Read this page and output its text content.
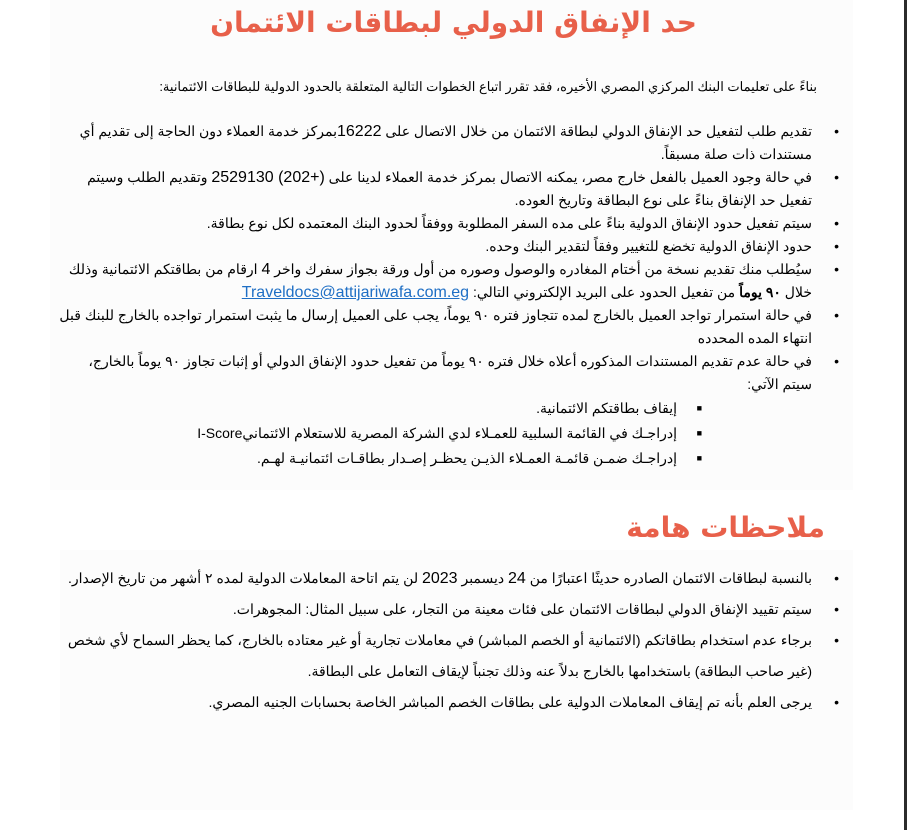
حد الإنفاق الدولي لبطاقات الائتمان

بناءً على تعليمات البنك المركزي المصري الأخيره، فقد تقرر اتباع الخطوات التالية المتعلقة بالحدود الدولية للبطاقات الائتمانية:

•
تقديم طلب لتفعيل حد الإنفاق الدولي لبطاقة الائتمان من خلال الاتصال على 16222بمركز خدمة العملاء دون الحاجة إلى تقديم أي مستندات ذات صلة مسبقاً.
•
في حالة وجود العميل بالفعل خارج مصر، يمكنه الاتصال بمركز خدمة العملاء لدينا على 2529130 (202+) وتقديم الطلب وسيتم تفعيل حد الإنفاق بناءً على نوع البطاقة وتاريخ العوده.
•
سيتم تفعيل حدود الإنفاق الدولية بناءً على مده السفر المطلوبة ووفقاً لحدود البنك المعتمده لكل نوع بطاقة.
•
حدود الإنفاق الدولية تخضع للتغيير وفقاً لتقدير البنك وحده.
•
سيُطلب منك تقديم نسخة من أختام المغادره والوصول وصوره من أول ورقة بجواز سفرك واخر 4 ارقام من بطاقتكم الائتمانية وذلك خلال ٩٠ يوماً من تفعيل الحدود على البريد الإلكتروني التالي: Traveldocs@attijariwafa.com.eg
•
في حالة استمرار تواجد العميل بالخارج لمده تتجاوز فتره ٩٠ يوماً، يجب على العميل إرسال ما يثبت استمرار تواجده بالخارج للبنك قبل انتهاء المده المحدده
•
في حالة عدم تقديم المستندات المذكوره أعلاه خلال فتره ٩٠ يوماً من تفعيل حدود الإنفاق الدولي أو إثبات تجاوز ٩٠ يوماً بالخارج، سيتم الآتي:
■
إيقاف بطاقتكم الائتمانية.
■
إدراجـك في القائمة السلبية للعمـلاء لدي الشركة المصرية للاستعلام الائتمانيI-Score
■
إدراجـك ضمـن قائمـة العمـلاء الذيـن يحظـر إصـدار بطاقـات ائتمانيـة لهـم.
ملاحظات هامة
•
بالنسبة لبطاقات الائتمان الصادره حديثًا اعتبارًا من 24 ديسمبر 2023 لن يتم اتاحة المعاملات الدولية لمده ٢ أشهر من تاريخ الإصدار.
•
سيتم تقييد الإنفاق الدولي لبطاقات الائتمان على فئات معينة من التجار، على سبيل المثال: المجوهرات.
•
برجاء عدم استخدام بطاقاتكم (الائتمانية أو الخصم المباشر) في معاملات تجارية أو غير معتاده بالخارج، كما يحظر السماح لأي شخص (غير صاحب البطاقة) باستخدامها بالخارج بدلاً عنه وذلك تجنباً لإيقاف التعامل على البطاقة.
•
يرجى العلم بأنه تم إيقاف المعاملات الدولية على بطاقات الخصم المباشر الخاصة بحسابات الجنيه المصري.
